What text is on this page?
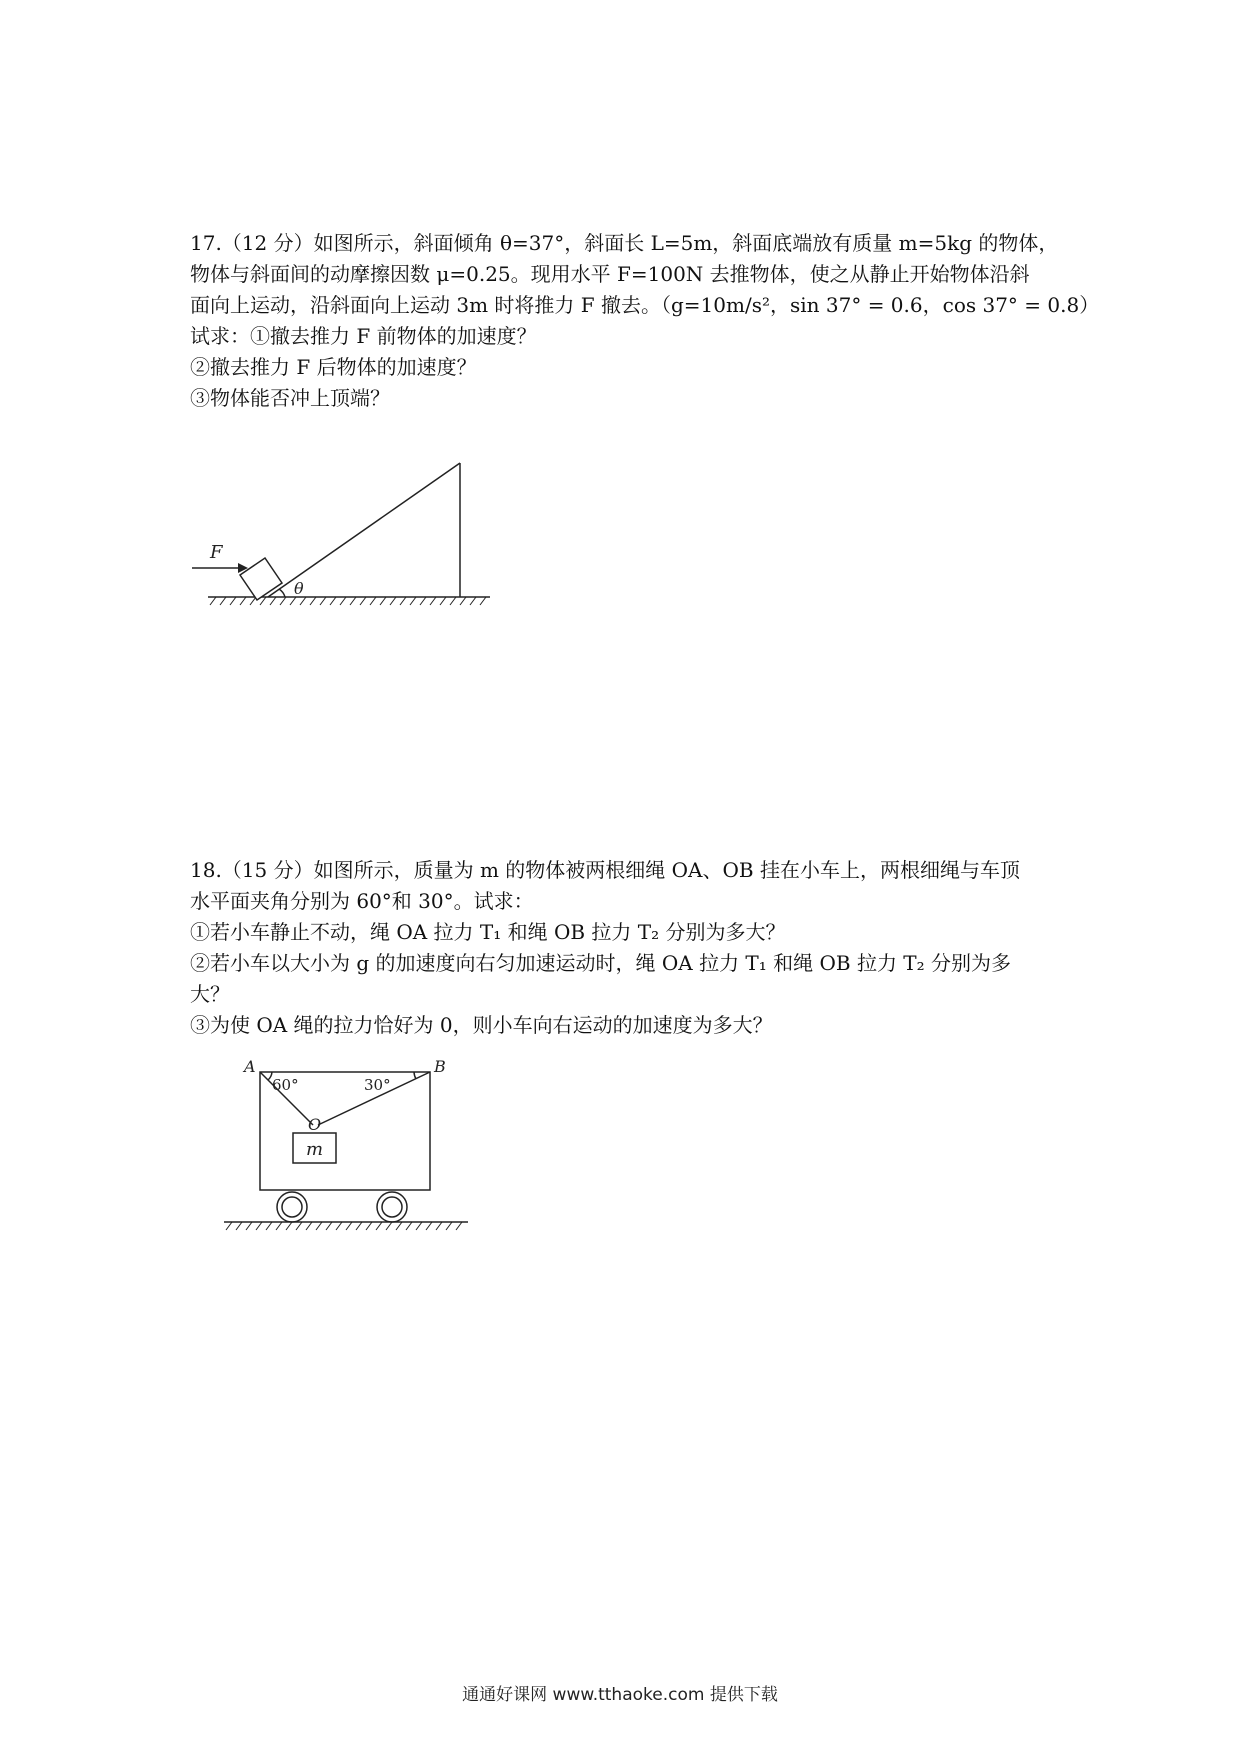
17.（12 分）如图所示，斜面倾角 θ=37°，斜面长 L=5m，斜面底端放有质量 m=5kg 的物体，
物体与斜面间的动摩擦因数 μ=0.25。现用水平 F=100N 去推物体，使之从静止开始物体沿斜
面向上运动，沿斜面向上运动 3m 时将推力 F 撤去。（g=10m/s²，sin 37° = 0.6，cos 37° = 0.8）
试求：①撤去推力 F 前物体的加速度？
②撤去推力 F 后物体的加速度？
③物体能否冲上顶端？
F
θ
18.（15 分）如图所示，质量为 m 的物体被两根细绳 OA、OB 挂在小车上，两根细绳与车顶
水平面夹角分别为 60°和 30°。试求：
①若小车静止不动，绳 OA 拉力 T₁ 和绳 OB 拉力 T₂ 分别为多大？
②若小车以大小为 g 的加速度向右匀加速运动时，绳 OA 拉力 T₁ 和绳 OB 拉力 T₂ 分别为多
大？
③为使 OA 绳的拉力恰好为 0，则小车向右运动的加速度为多大？
A	B
O
60°	30°
m
通通好课网 www.tthaoke.com 提供下载
